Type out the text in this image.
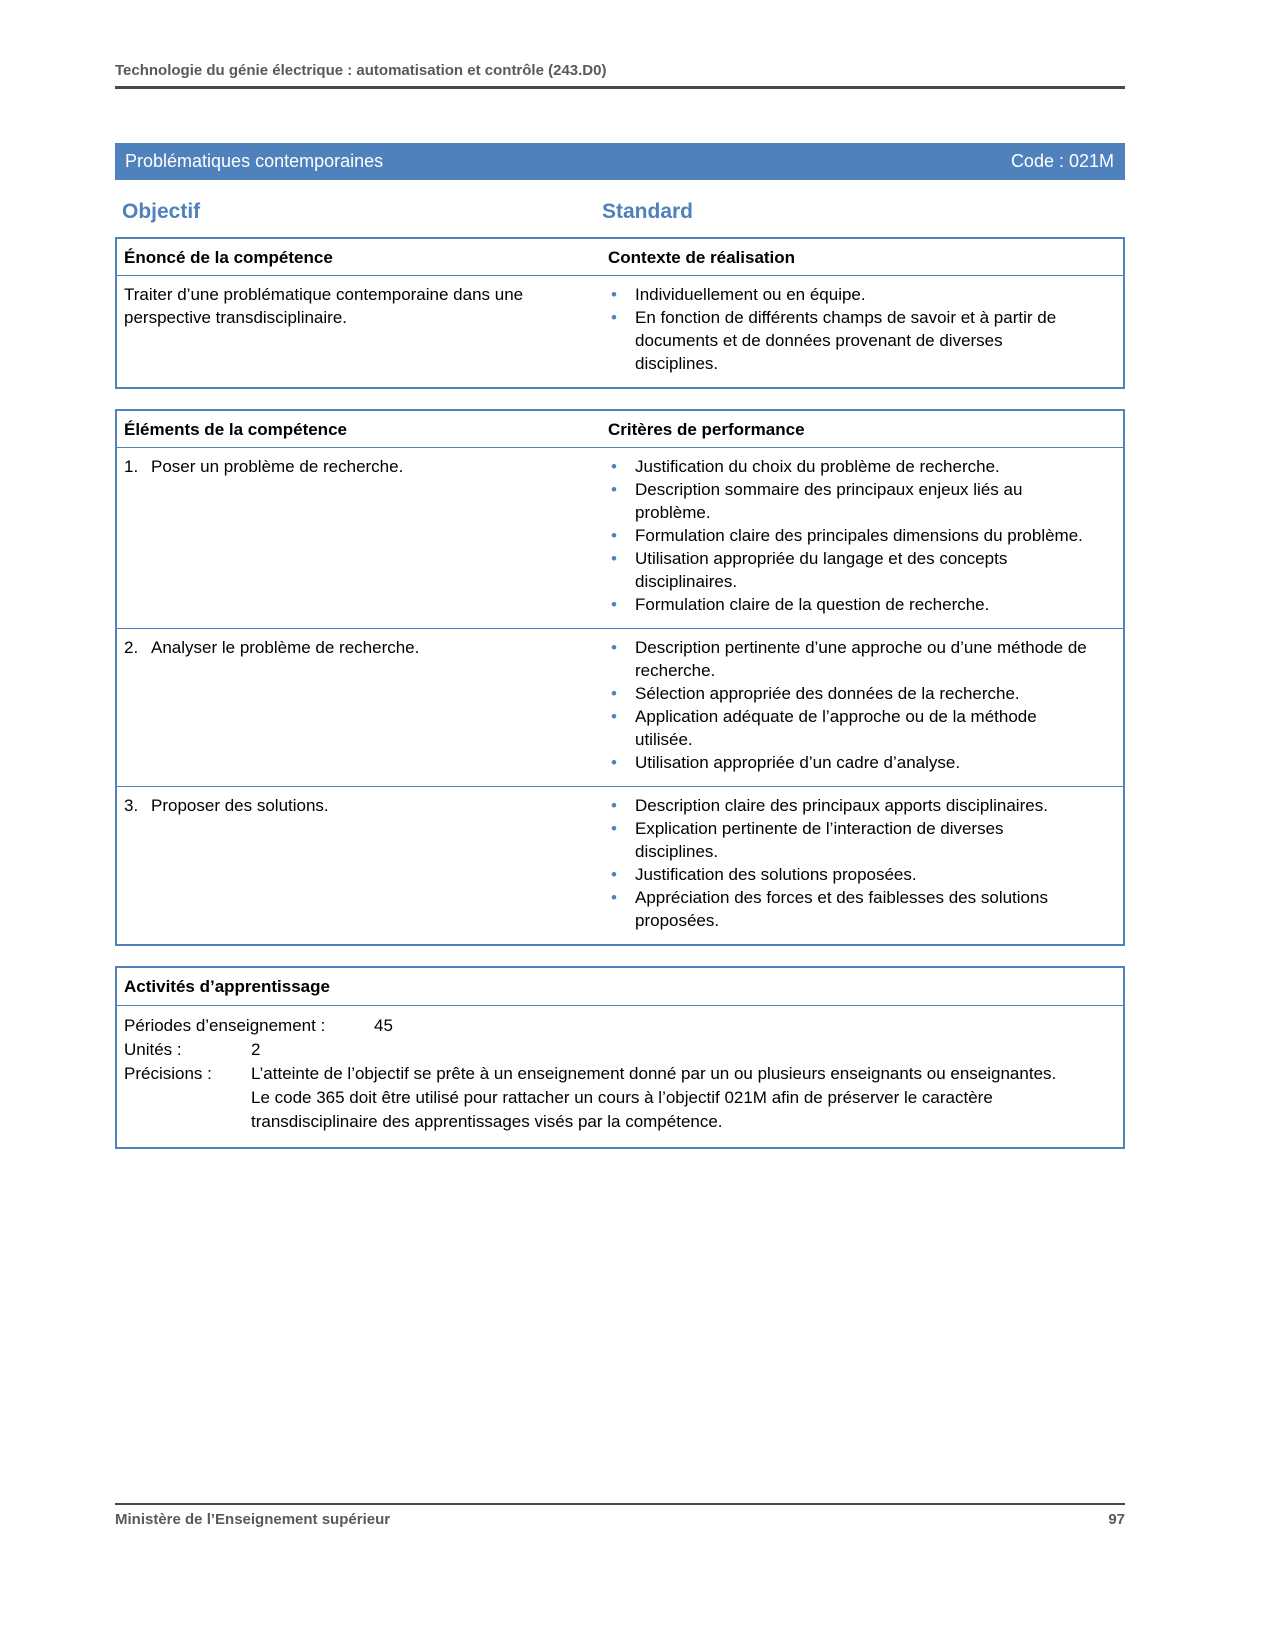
Technologie du génie électrique : automatisation et contrôle (243.D0)
Problématiques contemporaines	Code : 021M
Objectif	Standard
Énoncé de la compétence	Contexte de réalisation
Traiter d’une problématique contemporaine dans une perspective transdisciplinaire.
•	Individuellement ou en équipe.
•	En fonction de différents champs de savoir et à partir de documents et de données provenant de diverses disciplines.
Éléments de la compétence	Critères de performance
1. Poser un problème de recherche.	•	Justification du choix du problème de recherche.
•	Description sommaire des principaux enjeux liés au problème.
•	Formulation claire des principales dimensions du problème.
•	Utilisation appropriée du langage et des concepts disciplinaires.
•	Formulation claire de la question de recherche.
2. Analyser le problème de recherche.	•	Description pertinente d’une approche ou d’une méthode de recherche.
•	Sélection appropriée des données de la recherche.
•	Application adéquate de l’approche ou de la méthode utilisée.
•	Utilisation appropriée d’un cadre d’analyse.
3. Proposer des solutions.	•	Description claire des principaux apports disciplinaires.
•	Explication pertinente de l’interaction de diverses disciplines.
•	Justification des solutions proposées.
•	Appréciation des forces et des faiblesses des solutions proposées.
Activités d’apprentissage
Périodes d’enseignement :	45
Unités :	2
Précisions :	L’atteinte de l’objectif se prête à un enseignement donné par un ou plusieurs enseignants ou enseignantes.
Le code 365 doit être utilisé pour rattacher un cours à l’objectif 021M afin de préserver le caractère transdisciplinaire des apprentissages visés par la compétence.
Ministère de l’Enseignement supérieur	97
